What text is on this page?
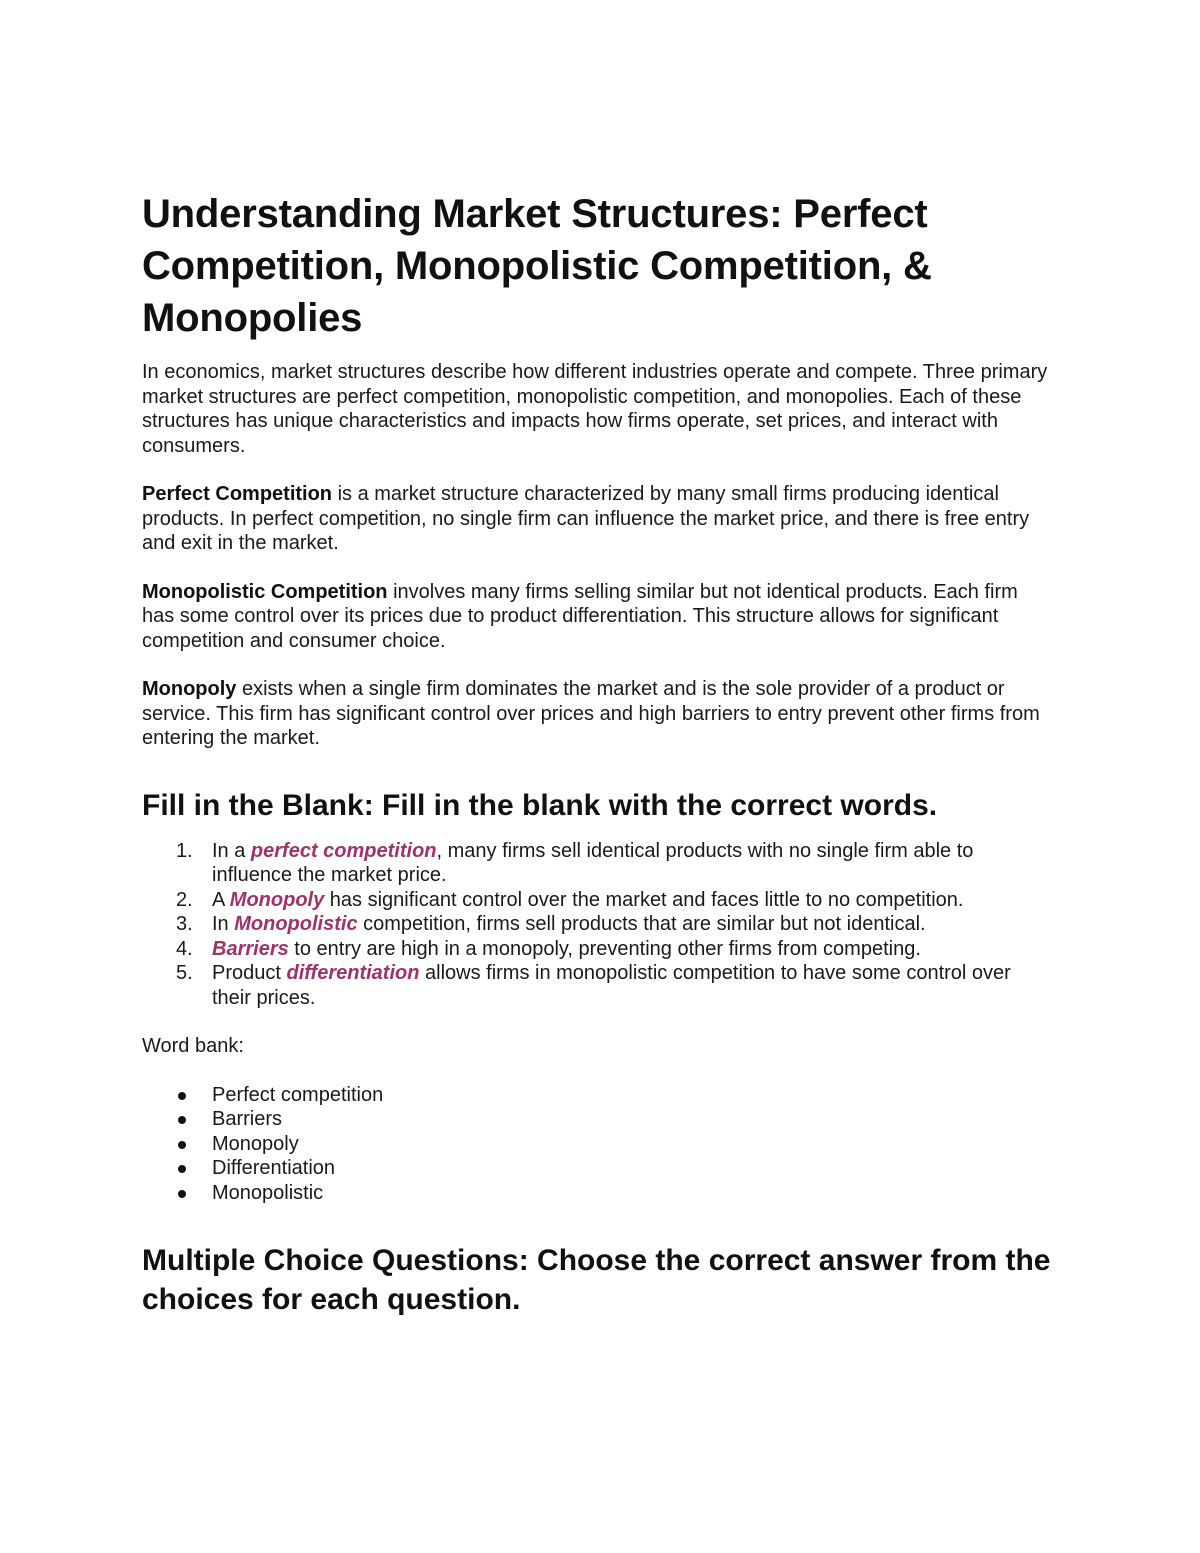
Understanding Market Structures: Perfect Competition, Monopolistic Competition, & Monopolies

In economics, market structures describe how different industries operate and compete. Three primary market structures are perfect competition, monopolistic competition, and monopolies. Each of these structures has unique characteristics and impacts how firms operate, set prices, and interact with consumers.

Perfect Competition is a market structure characterized by many small firms producing identical products. In perfect competition, no single firm can influence the market price, and there is free entry and exit in the market.

Monopolistic Competition involves many firms selling similar but not identical products. Each firm has some control over its prices due to product differentiation. This structure allows for significant competition and consumer choice.

Monopoly exists when a single firm dominates the market and is the sole provider of a product or service. This firm has significant control over prices and high barriers to entry prevent other firms from entering the market.

Fill in the Blank: Fill in the blank with the correct words.
1. In a perfect competition, many firms sell identical products with no single firm able to influence the market price.
2. A Monopoly has significant control over the market and faces little to no competition.
3. In Monopolistic competition, firms sell products that are similar but not identical.
4. Barriers to entry are high in a monopoly, preventing other firms from competing.
5. Product differentiation allows firms in monopolistic competition to have some control over their prices.

Word bank:

Perfect competition
Barriers
Monopoly
Differentiation
Monopolistic
Multiple Choice Questions: Choose the correct answer from the choices for each question.
